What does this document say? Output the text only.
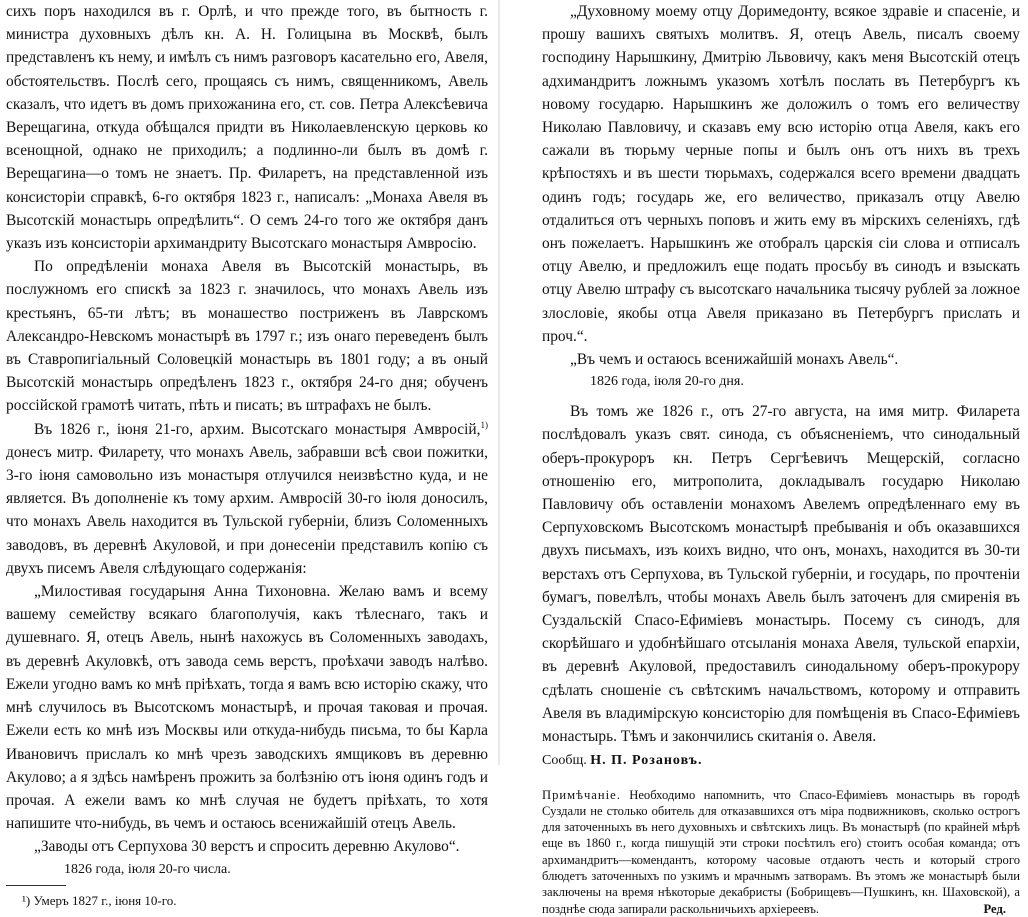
сихъ поръ находился въ г. Орлѣ, и что прежде того, въ бытность г. министра духовныхъ дѣлъ кн. А. Н. Голицына въ Москвѣ, былъ представленъ къ нему, и имѣлъ съ нимъ разговоръ касательно его, Авеля, обстоятельствъ. Послѣ сего, прощаясь съ нимъ, священникомъ, Авель сказалъ, что идетъ въ домъ прихожанина его, ст. сов. Петра Алексѣевича Верещагина, откуда обѣщался придти въ Николаевленскую церковь ко всенощной, однако не приходилъ; а подлинно-ли былъ въ домѣ г. Верещагина—о томъ не знаетъ. Пр. Филаретъ, на представленной изъ консисторіи справкѣ, 6-го октября 1823 г., написалъ: „Монаха Авеля въ Высотскій монастырь опредѣлить“. О семъ 24-го того же октября данъ указъ изъ консисторіи архимандриту Высотскаго монастыря Амвросію.

По опредѣленіи монаха Авеля въ Высотскій монастырь, въ послужномъ его спискѣ за 1823 г. значилось, что монахъ Авель изъ крестьянъ, 65-ти лѣтъ; въ монашество постриженъ въ Лаврскомъ Александро-Невскомъ монастырѣ въ 1797 г.; изъ онаго переведенъ былъ въ Ставропигіальный Соловецкій монастырь въ 1801 году; а въ оный Высотскій монастырь опредѣленъ 1823 г., октября 24-го дня; обученъ россійской грамотѣ читать, пѣть и писать; въ штрафахъ не былъ.

Въ 1826 г., іюня 21-го, архим. Высотскаго монастыря Амвросій,$^{1)}$ донесъ митр. Филарету, что монахъ Авель, забравши всѣ свои пожитки, 3-го іюня самовольно изъ монастыря отлучился неизвѣстно куда, и не является. Въ дополненіе къ тому архим. Амвросій 30-го іюля доносилъ, что монахъ Авель находится въ Тульской губерніи, близъ Соломенныхъ заводовъ, въ деревнѣ Акуловой, и при донесеніи представилъ копію съ двухъ писемъ Авеля слѣдующаго содержанія:

„Милостивая государыня Анна Тихоновна. Желаю вамъ и всему вашему семейству всякаго благополучія, какъ тѣлеснаго, такъ и душевнаго. Я, отецъ Авель, нынѣ нахожусь въ Соломенныхъ заводахъ, въ деревнѣ Акуловкѣ, отъ завода семь верстъ, проѣхачи заводъ налѣво. Ежели угодно вамъ ко мнѣ пріѣхать, тогда я вамъ всю исторію скажу, что мнѣ случилось въ Высотскомъ монастырѣ, и прочая таковая и прочая. Ежели есть ко мнѣ изъ Москвы или откуда-нибудь письма, то бы Карла Ивановичъ прислалъ ко мнѣ чрезъ заводскихъ ямщиковъ въ деревню Акулово; а я здѣсь намѣренъ прожить за болѣзнію отъ іюня одинъ годъ и прочая. А ежели вамъ ко мнѣ случая не будетъ пріѣхать, то хотя напишите что-нибудь, въ чемъ и остаюсь всенижайшій отецъ Авель.

„Заводы отъ Серпухова 30 верстъ и спросить деревню Акулово“.

1826 года, іюля 20-го числа.

¹) Умеръ 1827 г., іюня 10-го.

„Духовному моему отцу Доримедонту, всякое здравіе и спасеніе, и прошу вашихъ святыхъ молитвъ. Я, отецъ Авель, писалъ своему господину Нарышкину, Дмитрію Львовичу, какъ меня Высотскій отецъ адхимандритъ ложнымъ указомъ хотѣлъ послать въ Петербургъ къ новому государю. Нарышкинъ же доложилъ о томъ его величеству Николаю Павловичу, и сказавъ ему всю исторію отца Авеля, какъ его сажали въ тюрьму черные попы и былъ онъ отъ нихъ въ трехъ крѣпостяхъ и въ шести тюрьмахъ, содержался всего времени двадцать одинъ годъ; государь же, его величество, приказалъ отцу Авелю отдалиться отъ черныхъ поповъ и жить ему въ мірскихъ селеніяхъ, гдѣ онъ пожелаетъ. Нарышкинъ же отобралъ царскія сіи слова и отписалъ отцу Авелю, и предложилъ еще подать просьбу въ синодъ и взыскать отцу Авелю штрафу съ высотскаго начальника тысячу рублей за ложное злословіе, якобы отца Авеля приказано въ Петербургъ прислать и проч.“.

„Въ чемъ и остаюсь всенижайшій монахъ Авель“.

1826 года, іюля 20-го дня.

Въ томъ же 1826 г., отъ 27-го августа, на имя митр. Филарета послѣдовалъ указъ свят. синода, съ объясненіемъ, что синодальный оберъ-прокуроръ кн. Петръ Сергѣевичъ Мещерскій, согласно отношенію его, митрополита, докладывалъ государю Николаю Павловичу объ оставленіи монахомъ Авелемъ опредѣленнаго ему въ Серпуховскомъ Высотскомъ монастырѣ пребыванія и объ оказавшихся двухъ письмахъ, изъ коихъ видно, что онъ, монахъ, находится въ 30-ти верстахъ отъ Серпухова, въ Тульской губерніи, и государь, по прочтеніи бумагъ, повелѣлъ, чтобы монахъ Авель былъ заточенъ для смиренія въ Суздальскій Спасо-Ефиміевъ монастырь. Посему съ синодъ, для скорѣйшаго и удобнѣйшаго отсыланія монаха Авеля, тульской епархіи, въ деревнѣ Акуловой, предоставилъ синодальному оберъ-прокурору сдѣлать сношеніе съ свѣтскимъ начальствомъ, которому и отправить Авеля въ владимірскую консисторію для помѣщенія въ Спасо-Ефиміевъ монастырь. Тѣмъ и закончились скитанія о. Авеля.

Сообщ. Н. П. Розановъ.

Примѣчаніе. Необходимо напомнить, что Спасо-Ефиміевъ монастырь въ городѣ Суздали не столько обитель для отказавшихся отъ міра подвижниковъ, сколько острогъ для заточенныхъ въ него духовныхъ и свѣтскихъ лицъ. Въ монастырѣ (по крайней мѣрѣ еще въ 1860 г., когда пишущій эти строки посѣтилъ его) стоитъ особая команда; отъ архимандритъ—комендантъ, которому часовые отдаютъ честь и который строго блюдетъ заточенныхъ по узкимъ и мрачнымъ затворамъ. Въ этомъ же монастырѣ были заключены на время нѣкоторые декабристы (Бобрищевъ—Пушкинъ, кн. Шаховской), а позднѣе сюда запирали раскольничьихъ архіереевъ.	Ред.
